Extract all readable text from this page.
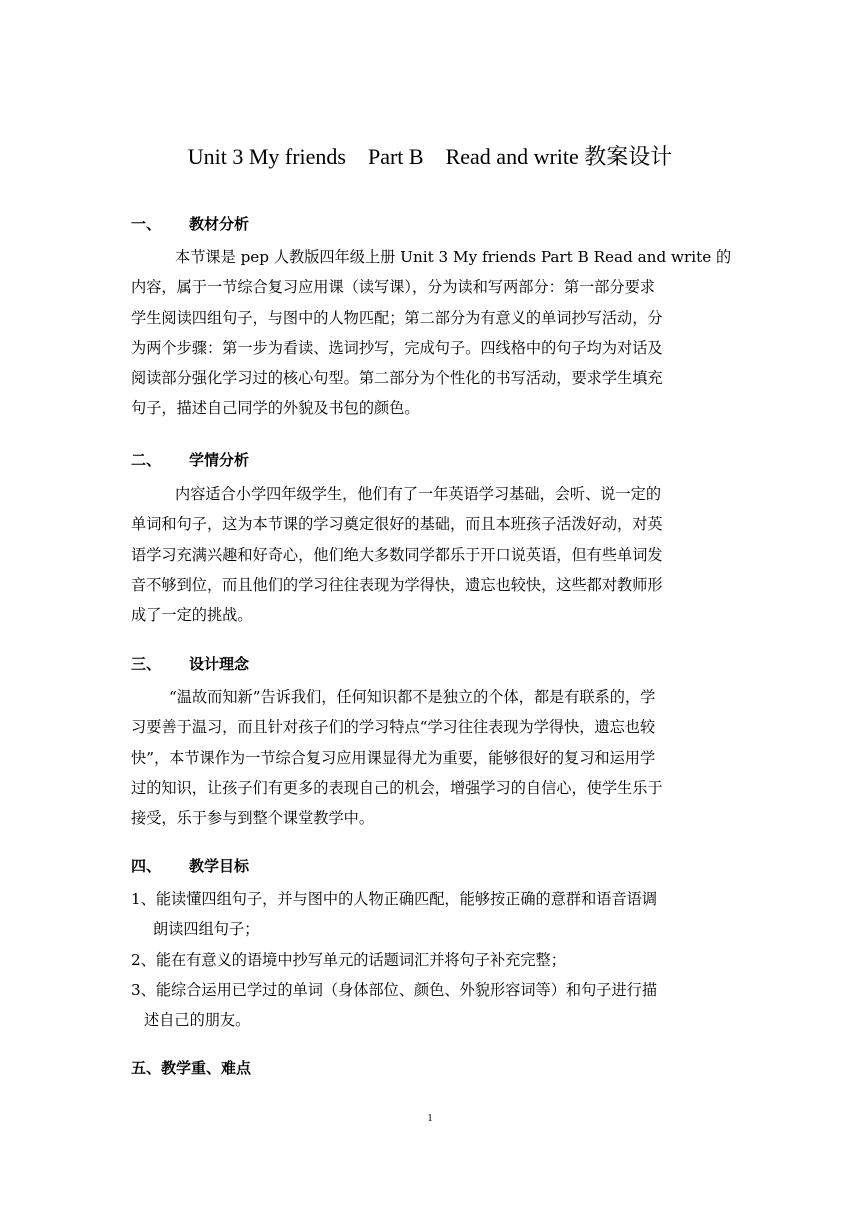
Unit 3 My friends    Part B    Read and write 教案设计
一、 教材分析
本节课是 pep 人教版四年级上册 Unit 3 My friends Part B Read and write 的
内容，属于一节综合复习应用课（读写课），分为读和写两部分：第一部分要求
学生阅读四组句子，与图中的人物匹配；第二部分为有意义的单词抄写活动，分
为两个步骤：第一步为看读、选词抄写，完成句子。四线格中的句子均为对话及
阅读部分强化学习过的核心句型。第二部分为个性化的书写活动，要求学生填充
句子，描述自己同学的外貌及书包的颜色。
二、 学情分析
内容适合小学四年级学生，他们有了一年英语学习基础，会听、说一定的
单词和句子，这为本节课的学习奠定很好的基础，而且本班孩子活泼好动，对英
语学习充满兴趣和好奇心，他们绝大多数同学都乐于开口说英语，但有些单词发
音不够到位，而且他们的学习往往表现为学得快，遗忘也较快，这些都对教师形
成了一定的挑战。
三、 设计理念
“温故而知新”告诉我们，任何知识都不是独立的个体，都是有联系的，学
习要善于温习，而且针对孩子们的学习特点“学习往往表现为学得快，遗忘也较
快”，本节课作为一节综合复习应用课显得尤为重要，能够很好的复习和运用学
过的知识，让孩子们有更多的表现自己的机会，增强学习的自信心，使学生乐于
接受，乐于参与到整个课堂教学中。
四、 教学目标
1、能读懂四组句子，并与图中的人物正确匹配，能够按正确的意群和语音语调
朗读四组句子；
2、能在有意义的语境中抄写单元的话题词汇并将句子补充完整；
3、能综合运用已学过的单词（身体部位、颜色、外貌形容词等）和句子进行描
述自己的朋友。
五、教学重、难点
1
